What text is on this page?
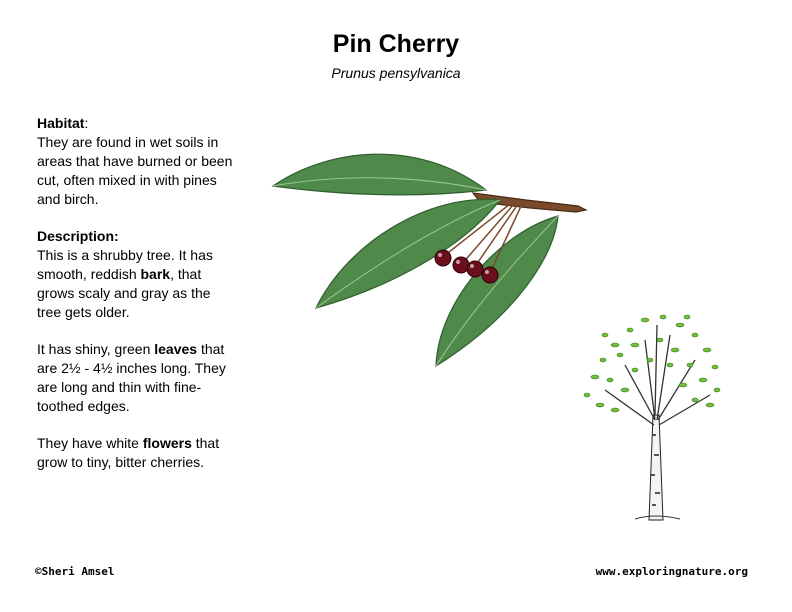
Pin Cherry
Prunus pensylvanica

Habitat:
They are found in wet soils in areas that have burned or been cut, often mixed in with pines and birch.

Description:
This is a shrubby tree. It has smooth, reddish bark, that grows scaly and gray as the tree gets older.

It has shiny, green leaves that are 2½ - 4½ inches long. They are long and thin with fine-toothed edges.

They have white flowers that grow to tiny, bitter cherries.

©Sheri Amsel	www.exploringnature.org
